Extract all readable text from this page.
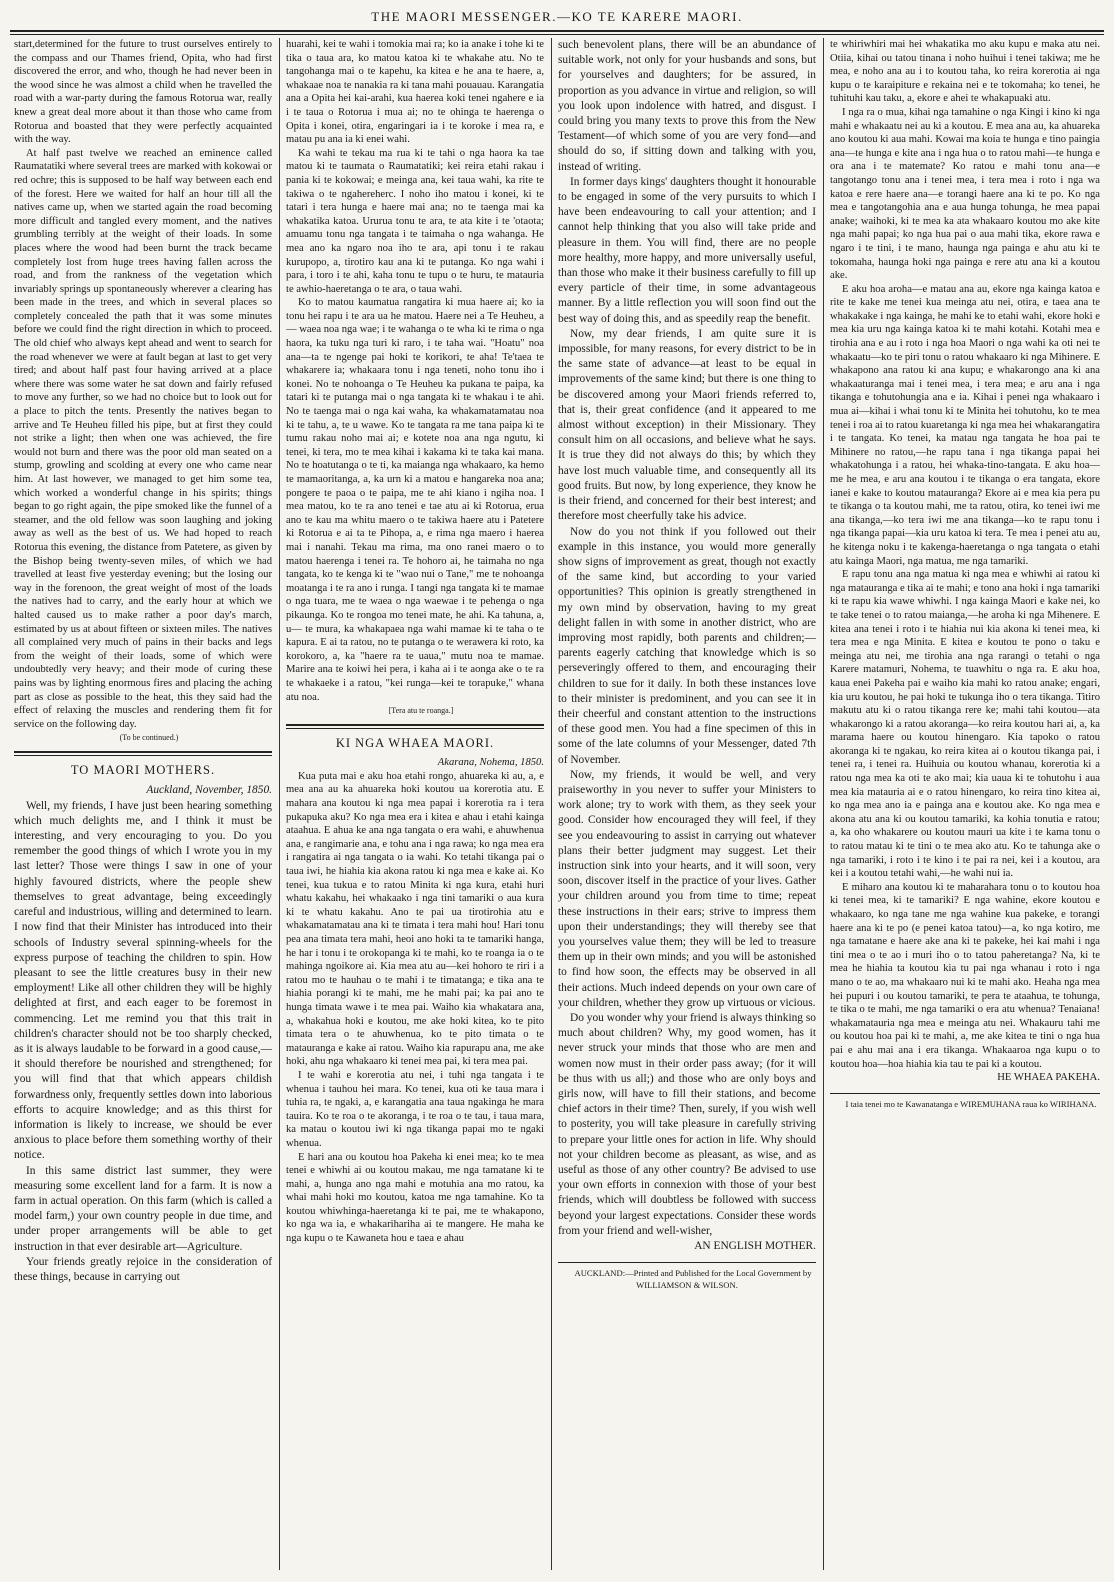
THE MAORI MESSENGER.—KO TE KARERE MAORI.

start,determined for the future to trust ourselves entirely to the compass and our Thames friend, Opita, who had first discovered the error, and who, though he had never been in the wood since he was almost a child when he travelled the road with a war-party during the famous Rotorua war, really knew a great deal more about it than those who came from Rotorua and boasted that they were perfectly acquainted with the way.

At half past twelve we reached an eminence called Raumatatiki where several trees are marked with kokowai or red ochre; this is supposed to be half way between each end of the forest. Here we waited for half an hour till all the natives came up, when we started again the road becoming more difficult and tangled every moment, and the natives grumbling terribly at the weight of their loads. In some places where the wood had been burnt the track became completely lost from huge trees having fallen across the road, and from the rankness of the vegetation which invariably springs up spontaneously wherever a clearing has been made in the trees, and which in several places so completely concealed the path that it was some minutes before we could find the right direction in which to proceed. The old chief who always kept ahead and went to search for the road whenever we were at fault began at last to get very tired; and about half past four having arrived at a place where there was some water he sat down and fairly refused to move any further, so we had no choice but to look out for a place to pitch the tents. Presently the natives began to arrive and Te Heuheu filled his pipe, but at first they could not strike a light; then when one was achieved, the fire would not burn and there was the poor old man seated on a stump, growling and scolding at every one who came near him. At last however, we managed to get him some tea, which worked a wonderful change in his spirits; things began to go right again, the pipe smoked like the funnel of a steamer, and the old fellow was soon laughing and joking away as well as the best of us. We had hoped to reach Rotorua this evening, the distance from Patetere, as given by the Bishop being twenty-seven miles, of which we had travelled at least five yesterday evening; but the losing our way in the forenoon, the great weight of most of the loads the natives had to carry, and the early hour at which we halted caused us to make rather a poor day's march, estimated by us at about fifteen or sixteen miles. The natives all complained very much of pains in their backs and legs from the weight of their loads, some of which were undoubtedly very heavy; and their mode of curing these pains was by lighting enormous fires and placing the aching part as close as possible to the heat, this they said had the effect of relaxing the muscles and rendering them fit for service on the following day.

(To be continued.)

TO MAORI MOTHERS.

Auckland, November, 1850.

Well, my friends, I have just been hearing something which much delights me, and I think it must be interesting, and very encouraging to you. Do you remember the good things of which I wrote you in my last letter? Those were things I saw in one of your highly favoured districts, where the people shew themselves to great advantage, being exceedingly careful and industrious, willing and determined to learn. I now find that their Minister has introduced into their schools of Industry several spinning-wheels for the express purpose of teaching the children to spin. How pleasant to see the little creatures busy in their new employment! Like all other children they will be highly delighted at first, and each eager to be foremost in commencing. Let me remind you that this trait in children's character should not be too sharply checked, as it is always laudable to be forward in a good cause,—it should therefore be nourished and strengthened; for you will find that that which appears childish forwardness only, frequently settles down into laborious efforts to acquire knowledge; and as this thirst for information is likely to increase, we should be ever anxious to place before them something worthy of their notice.

In this same district last summer, they were measuring some excellent land for a farm. It is now a farm in actual operation. On this farm (which is called a model farm,) your own country people in due time, and under proper arrangements will be able to get instruction in that ever desirable art—Agriculture.

Your friends greatly rejoice in the consideration of these things, because in carrying out

huarahi, kei te wahi i tomokia mai ra; ko ia anake i tohe ki te tika o taua ara, ko matou katoa ki te whakahe atu. No te tangohanga mai o te kapehu, ka kitea e he ana te haere, a, whakaae noa te nanakia ra ki tana mahi pouauau. Karangatia ana a Opita hei kai-arahi, kua haerea koki tenei ngahere e ia i te taua o Rotorua i mua ai; no te ohinga te haerenga o Opita i konei, otira, engaringari ia i te koroke i mea ra, e matau pu ana ia ki enei wahi.

Ka wahi te tekau ma rua ki te tahi o nga haora ka tae matou ki te taumata o Raumatatiki; kei reira etahi rakau i pania ki te kokowai; e meinga ana, kei taua wahi, ka rite te takiwa o te ngahereherc. I noho iho matou i konei, ki te tatari i tera hunga e haere mai ana; no te taenga mai ka whakatika katoa. Ururua tonu te ara, te ata kite i te 'otaota; amuamu tonu nga tangata i te taimaha o nga wahanga. He mea ano ka ngaro noa iho te ara, api tonu i te rakau kurupopo, a, tirotiro kau ana ki te putanga. Ko nga wahi i para, i toro i te ahi, kaha tonu te tupu o te huru, te matauria te awhio-haeretanga o te ara, o taua wahi.

Ko to matou kaumatua rangatira ki mua haere ai; ko ia tonu hei rapu i te ara ua he matou. Haere nei a Te Heuheu, a— waea noa nga wae; i te wahanga o te wha ki te rima o nga haora, ka tuku nga turi ki raro, i te taha wai. "Hoatu" noa ana—ta te ngenge pai hoki te korikori, te aha! Te'taea te whakarere ia; whakaara tonu i nga teneti, noho tonu iho i konei. No te nohoanga o Te Heuheu ka pukana te paipa, ka tatari ki te putanga mai o nga tangata ki te whakau i te ahi. No te taenga mai o nga kai waha, ka whakamatamatau noa ki te tahu, a, te u wawe. Ko te tangata ra me tana paipa ki te tumu rakau noho mai ai; e kotete noa ana nga ngutu, ki tenei, ki tera, mo te mea kihai i kakama ki te taka kai mana. No te hoatutanga o te ti, ka maianga nga whakaaro, ka hemo te mamaoritanga, a, ka urn ki a matou e hangareka noa ana; pongere te paoa o te paipa, me te ahi kiano i ngiha noa. I mea matou, ko te ra ano tenei e tae atu ai ki Rotorua, erua ano te kau ma whitu maero o te takiwa haere atu i Patetere ki Rotorua e ai ta te Pihopa, a, e rima nga maero i haerea mai i nanahi. Tekau ma rima, ma ono ranei maero o to matou haerenga i tenei ra. Te hohoro ai, he taimaha no nga tangata, ko te kenga ki te "wao nui o Tane," me te nohoanga moatanga i te ra ano i runga. I tangi nga tangata ki te mamae o nga tuara, me te waea o nga waewae i te pehenga o nga pikaunga. Ko te rongoa mo tenei mate, he ahi. Ka tahuna, a, u— te mura, ka whakapaea nga wahi mamae ki te taha o te kapura. E ai ta ratou, no te putanga o te werawera ki roto, ka korokoro, a, ka "haere ra te uaua," mutu noa te mamae. Marire ana te koiwi hei pera, i kaha ai i te aonga ake o te ra te whakaeke i a ratou, "kei runga—kei te torapuke," whana atu noa.

[Tera atu te roanga.]

KI NGA WHAEA MAORI.

Akarana, Nohema, 1850.

Kua puta mai e aku hoa etahi rongo, ahuareka ki au, a, e mea ana au ka ahuareka hoki koutou ua korerotia atu. E mahara ana koutou ki nga mea papai i korerotia ra i tera pukapuka aku? Ko nga mea era i kitea e ahau i etahi kainga ataahua. E ahua ke ana nga tangata o era wahi, e ahuwhenua ana, e rangimarie ana, e tohu ana i nga rawa; ko nga mea era i rangatira ai nga tangata o ia wahi. Ko tetahi tikanga pai o taua iwi, he hiahia kia akona ratou ki nga mea e kake ai. Ko tenei, kua tukua e to ratou Minita ki nga kura, etahi huri whatu kakahu, hei whakaako i nga tini tamariki o aua kura ki te whatu kakahu. Ano te pai ua tirotirohia atu e whakamatamatau ana ki te timata i tera mahi hou! Hari tonu pea ana timata tera mahi, heoi ano hoki ta te tamariki hanga, he har i tonu i te orokopanga ki te mahi, ko te roanga ia o te mahinga ngoikore ai. Kia mea atu au—kei hohoro te riri i a ratou mo te hauhau o te mahi i te timatanga; e tika ana te hiahia porangi ki te mahi, me he mahi pai; ka pai ano te hunga timata wawe i te mea pai. Waiho kia whakatara ana, a, whakahua hoki e koutou, me ake hoki kitea, ko te pito timata tera o te ahuwhenua, ko te pito timata o te matauranga e kake ai ratou. Waiho kia rapurapu ana, me ake hoki, ahu nga whakaaro ki tenei mea pai, ki tera mea pai.

I te wahi e korerotia atu nei, i tuhi nga tangata i te whenua i tauhou hei mara. Ko tenei, kua oti ke taua mara i tuhia ra, te ngaki, a, e karangatia ana taua ngakinga he mara tauira. Ko te roa o te akoranga, i te roa o te tau, i taua mara, ka matau o koutou iwi ki nga tikanga papai mo te ngaki whenua.

E hari ana ou koutou hoa Pakeha ki enei mea; ko te mea tenei e whiwhi ai ou koutou makau, me nga tamatane ki te mahi, a, hunga ano nga mahi e motuhia ana mo ratou, ka whai mahi hoki mo koutou, katoa me nga tamahine. Ko ta koutou whiwhinga-haeretanga ki te pai, me te whakapono, ko nga wa ia, e whakarihariha ai te mangere. He maha ke nga kupu o te Kawaneta hou e taea e ahau

such benevolent plans, there will be an abundance of suitable work, not only for your husbands and sons, but for yourselves and daughters; for be assured, in proportion as you advance in virtue and religion, so will you look upon indolence with hatred, and disgust. I could bring you many texts to prove this from the New Testament—of which some of you are very fond—and should do so, if sitting down and talking with you, instead of writing.

In former days kings' daughters thought it honourable to be engaged in some of the very pursuits to which I have been endeavouring to call your attention; and I cannot help thinking that you also will take pride and pleasure in them. You will find, there are no people more healthy, more happy, and more universally useful, than those who make it their business carefully to fill up every particle of their time, in some advantageous manner. By a little reflection you will soon find out the best way of doing this, and as speedily reap the benefit.

Now, my dear friends, I am quite sure it is impossible, for many reasons, for every district to be in the same state of advance—at least to be equal in improvements of the same kind; but there is one thing to be discovered among your Maori friends referred to, that is, their great confidence (and it appeared to me almost without exception) in their Missionary. They consult him on all occasions, and believe what he says. It is true they did not always do this; by which they have lost much valuable time, and consequently all its good fruits. But now, by long experience, they know he is their friend, and concerned for their best interest; and therefore most cheerfully take his advice.

Now do you not think if you followed out their example in this instance, you would more generally show signs of improvement as great, though not exactly of the same kind, but according to your varied opportunities? This opinion is greatly strengthened in my own mind by observation, having to my great delight fallen in with some in another district, who are improving most rapidly, both parents and children;—parents eagerly catching that knowledge which is so perseveringly offered to them, and encouraging their children to sue for it daily. In both these instances love to their minister is predominent, and you can see it in their cheerful and constant attention to the instructions of these good men. You had a fine specimen of this in some of the late columns of your Messenger, dated 7th of November.

Now, my friends, it would be well, and very praiseworthy in you never to suffer your Ministers to work alone; try to work with them, as they seek your good. Consider how encouraged they will feel, if they see you endeavouring to assist in carrying out whatever plans their better judgment may suggest. Let their instruction sink into your hearts, and it will soon, very soon, discover itself in the practice of your lives. Gather your children around you from time to time; repeat these instructions in their ears; strive to impress them upon their understandings; they will thereby see that you yourselves value them; they will be led to treasure them up in their own minds; and you will be astonished to find how soon, the effects may be observed in all their actions. Much indeed depends on your own care of your children, whether they grow up virtuous or vicious.

Do you wonder why your friend is always thinking so much about children? Why, my good women, has it never struck your minds that those who are men and women now must in their order pass away; (for it will be thus with us all;) and those who are only boys and girls now, will have to fill their stations, and become chief actors in their time? Then, surely, if you wish well to posterity, you will take pleasure in carefully striving to prepare your little ones for action in life. Why should not your children become as pleasant, as wise, and as useful as those of any other country? Be advised to use your own efforts in connexion with those of your best friends, which will doubtless be followed with success beyond your largest expectations. Consider these words from your friend and well-wisher,

AN ENGLISH MOTHER.

AUCKLAND:—Printed and Published for the Local Government by WILLIAMSON & WILSON.

te whiriwhiri mai hei whakatika mo aku kupu e maka atu nei. Otiia, kihai ou tatou tinana i noho huihui i tenei takiwa; me he mea, e noho ana au i to koutou taha, ko reira korerotia ai nga kupu o te karaipiture e rekaina nei e te tokomaha; ko tenei, he tuhituhi kau taku, a, ekore e ahei te whakapuaki atu.

I nga ra o mua, kihai nga tamahine o nga Kingi i kino ki nga mahi e whakaatu nei au ki a koutou. E mea ana au, ka ahuareka ano koutou ki aua mahi. Kowai ma koia te hunga e tino paingia ana—te hunga e kite ana i nga hua o to ratou mahi—te hunga e ora ana i te matemate? Ko ratou e mahi tonu ana—e tangotango tonu ana i tenei mea, i tera mea i roto i nga wa katoa e rere haere ana—e torangi haere ana ki te po. Ko nga mea e tangotangohia ana e aua hunga tohunga, he mea papai anake; waihoki, ki te mea ka ata whakaaro koutou mo ake kite nga mahi papai; ko nga hua pai o aua mahi tika, ekore rawa e ngaro i te tini, i te mano, haunga nga painga e ahu atu ki te tokomaha, haunga hoki nga painga e rere atu ana ki a koutou ake.

E aku hoa aroha—e matau ana au, ekore nga kainga katoa e rite te kake me tenei kua meinga atu nei, otira, e taea ana te whakakake i nga kainga, he mahi ke to etahi wahi, ekore hoki e mea kia uru nga kainga katoa ki te mahi kotahi. Kotahi mea e tirohia ana e au i roto i nga hoa Maori o nga wahi ka oti nei te whakaatu—ko te piri tonu o ratou whakaaro ki nga Mihinere. E whakapono ana ratou ki ana kupu; e whakarongo ana ki ana whakaaturanga mai i tenei mea, i tera mea; e aru ana i nga tikanga e tohutohungia ana e ia. Kihai i penei nga whakaaro i mua ai—kihai i whai tonu ki te Minita hei tohutohu, ko te mea tenei i roa ai to ratou kuaretanga ki nga mea hei whakarangatira i te tangata. Ko tenei, ka matau nga tangata he hoa pai te Mihinere no ratou,—he rapu tana i nga tikanga papai hei whakatohunga i a ratou, hei whaka-tino-tangata. E aku hoa—me he mea, e aru ana koutou i te tikanga o era tangata, ekore ianei e kake to koutou matauranga? Ekore ai e mea kia pera pu te tikanga o ta koutou mahi, me ta ratou, otira, ko tenei iwi me ana tikanga,—ko tera iwi me ana tikanga—ko te rapu tonu i nga tikanga papai—kia uru katoa ki tera. Te mea i penei atu au, he kitenga noku i te kakenga-haeretanga o nga tangata o etahi atu kainga Maori, nga matua, me nga tamariki.

E rapu tonu ana nga matua ki nga mea e whiwhi ai ratou ki nga matauranga e tika ai te mahi; e tono ana hoki i nga tamariki ki te rapu kia wawe whiwhi. I nga kainga Maori e kake nei, ko te take tenei o to ratou maianga,—he aroha ki nga Mihenere. E kitea ana tenei i roto i te hiahia nui kia akona ki tenei mea, ki tera mea e nga Minita. E kitea e koutou te pono o taku e meinga atu nei, me tirohia ana nga rarangi o tetahi o nga Karere matamuri, Nohema, te tuawhitu o nga ra. E aku hoa, kaua enei Pakeha pai e waiho kia mahi ko ratou anake; engari, kia uru koutou, he pai hoki te tukunga iho o tera tikanga. Titiro makutu atu ki o ratou tikanga rere ke; mahi tahi koutou—ata whakarongo ki a ratou akoranga—ko reira koutou hari ai, a, ka marama haere ou koutou hinengaro. Kia tapoko o ratou akoranga ki te ngakau, ko reira kitea ai o koutou tikanga pai, i tenei ra, i tenei ra. Huihuia ou koutou whanau, korerotia ki a ratou nga mea ka oti te ako mai; kia uaua ki te tohutohu i aua mea kia matauria ai e o ratou hinengaro, ko reira tino kitea ai, ko nga mea ano ia e painga ana e koutou ake. Ko nga mea e akona atu ana ki ou koutou tamariki, ka kohia tonutia e ratou; a, ka oho whakarere ou koutou mauri ua kite i te kama tonu o to ratou matau ki te tini o te mea ako atu. Ko te tahunga ake o nga tamariki, i roto i te kino i te pai ra nei, kei i a koutou, ara kei i a koutou tetahi wahi,—he wahi nui ia.

E miharo ana koutou ki te maharahara tonu o to koutou hoa ki tenei mea, ki te tamariki? E nga wahine, ekore koutou e whakaaro, ko nga tane me nga wahine kua pakeke, e torangi haere ana ki te po (e penei katoa tatou)—a, ko nga kotiro, me nga tamatane e haere ake ana ki te pakeke, hei kai mahi i nga tini mea o te ao i muri iho o to tatou paheretanga? Na, ki te mea he hiahia ta koutou kia tu pai nga whanau i roto i nga mano o te ao, ma whakaaro nui ki te mahi ako. Heaha nga mea hei pupuri i ou koutou tamariki, te pera te ataahua, te tohunga, te tika o te mahi, me nga tamariki o era atu whenua? Tenaiana! whakamatauria nga mea e meinga atu nei. Whakauru tahi me ou koutou hoa pai ki te mahi, a, me ake kitea te tini o nga hua pai e ahu mai ana i era tikanga. Whakaaroa nga kupu o to koutou hoa—hoa hiahia kia tau te pai ki a koutou.

HE WHAEA PAKEHA.

I taia tenei mo te Kawanatanga e WIREMUHANA raua ko WIRIHANA.
